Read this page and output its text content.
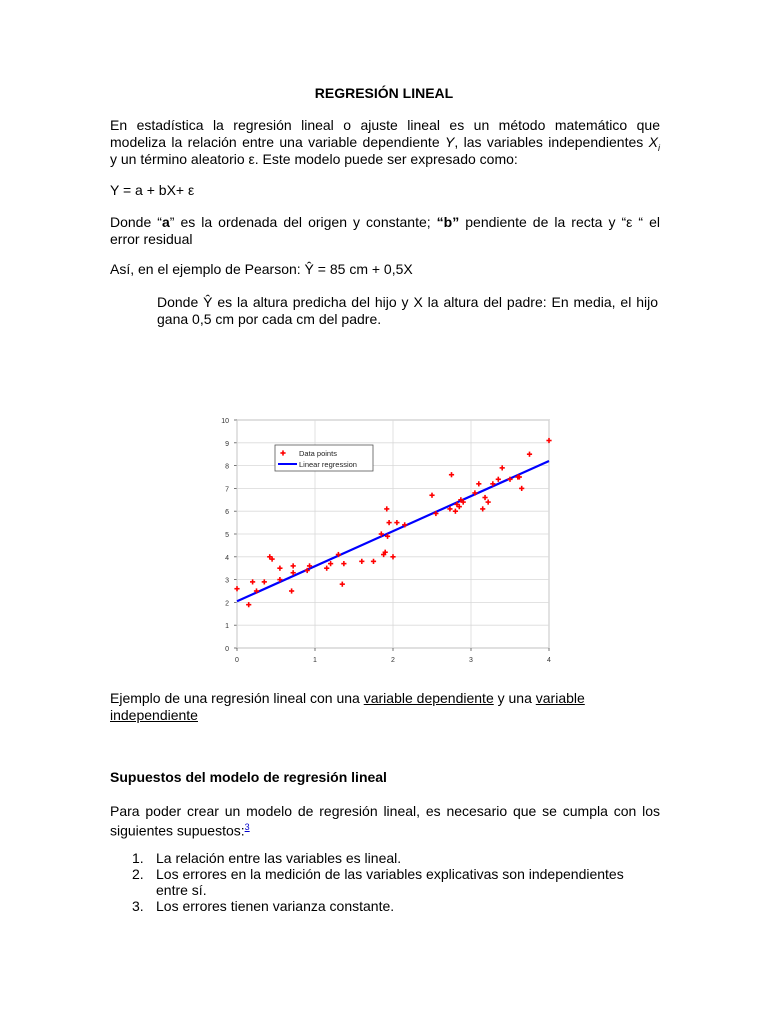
REGRESIÓN LINEAL
En estadística la regresión lineal o ajuste lineal es un método matemático que
modeliza la relación entre una variable dependiente Y, las variables independientes $X_i$
y un término aleatorio ε. Este modelo puede ser expresado como:
Y = a + bX+ ε
Donde “a” es la ordenada del origen y constante; “b” pendiente de la recta y “ε “ el
error residual
Así, en el ejemplo de Pearson: Ŷ = 85 cm + 0,5X
Donde Ŷ es la altura predicha del hijo y X la altura del padre: En media, el hijo
gana 0,5 cm por cada cm del padre.
0
1
2
3
4
5
6
7
8
9
10
0	1	2	3	4
Data points
Linear regression
Ejemplo de una regresión lineal con una variable dependiente y una variable
independiente
Supuestos del modelo de regresión lineal
Para poder crear un modelo de regresión lineal, es necesario que se cumpla con los
siguientes supuestos:$^3$
1. La relación entre las variables es lineal.
2. Los errores en la medición de las variables explicativas son independientes
entre sí.
3. Los errores tienen varianza constante.
